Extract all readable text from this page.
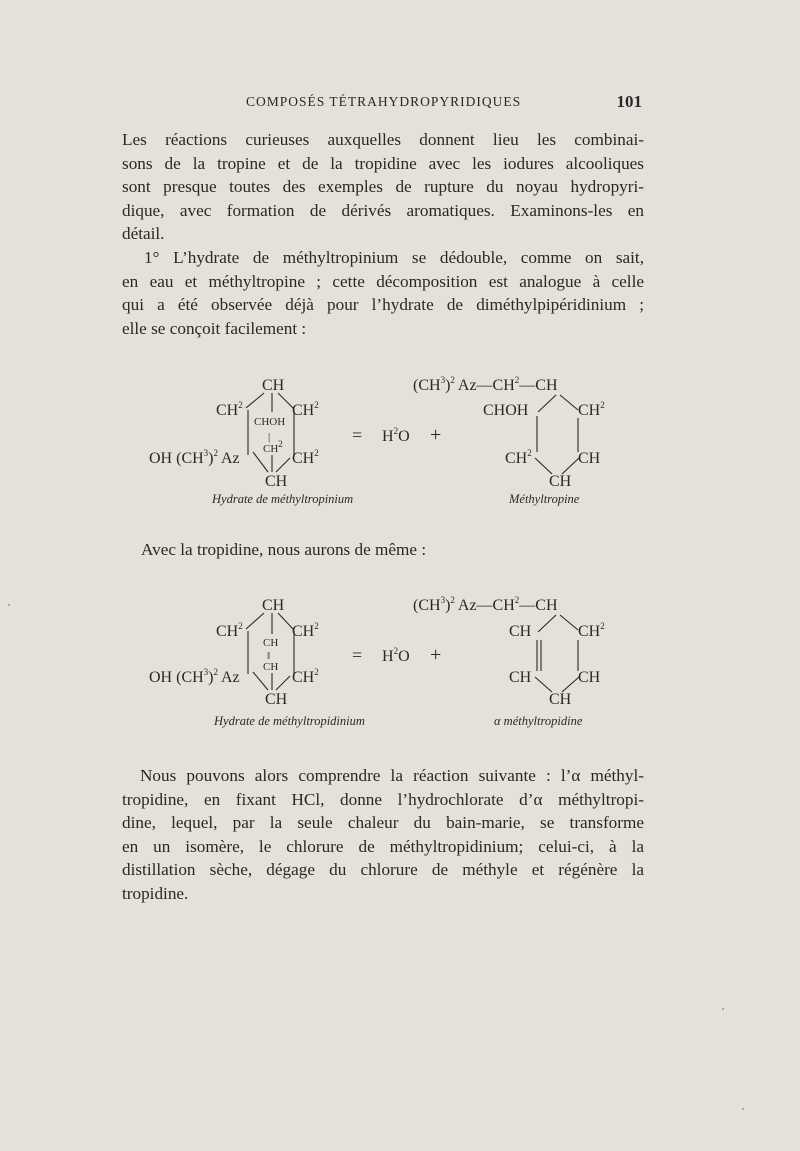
COMPOSÉS TÉTRAHYDROPYRIDIQUES	101
Les réactions curieuses auxquelles donnent lieu les combinai-
sons de la tropine et de la tropidine avec les iodures alcooliques
sont presque toutes des exemples de rupture du noyau hydropyri-
dique, avec formation de dérivés aromatiques. Examinons-les en
détail.
1° L’hydrate de méthyltropinium se dédouble, comme on sait,
en eau et méthyltropine ; cette décomposition est analogue à celle
qui a été observée déjà pour l’hydrate de diméthylpipéridinium ;
elle se conçoit facilement :
CH
$CH^2$	$CH^2$
CHOH
|
$CH^2$
OH $(CH^3)^2$ Az	$CH^2$
CH
Hydrate de méthyltropinium
= $H^2O$ +
$(CH^3)^2$ $Az—CH^2—CH$
CHOH	$CH^2$
$CH^2$	CH
CH
Méthyltropine
Avec la tropidine, nous aurons de même :
CH
$CH^2$	$CH^2$
CH
‖
CH
OH $(CH^3)^2$ Az	$CH^2$
CH
Hydrate de méthyltropidinium
= $H^2O$ +
$(CH^3)^2$ $Az—CH^2—CH$
CH	$CH^2$
CH	CH
CH
α méthyltropidine
Nous pouvons alors comprendre la réaction suivante : l’α méthyl-
tropidine, en fixant HCl, donne l’hydrochlorate d’α méthyltropi-
dine, lequel, par la seule chaleur du bain-marie, se transforme
en un isomère, le chlorure de méthyltropidinium; celui-ci, à la
distillation sèche, dégage du chlorure de méthyle et régénère la
tropidine.
